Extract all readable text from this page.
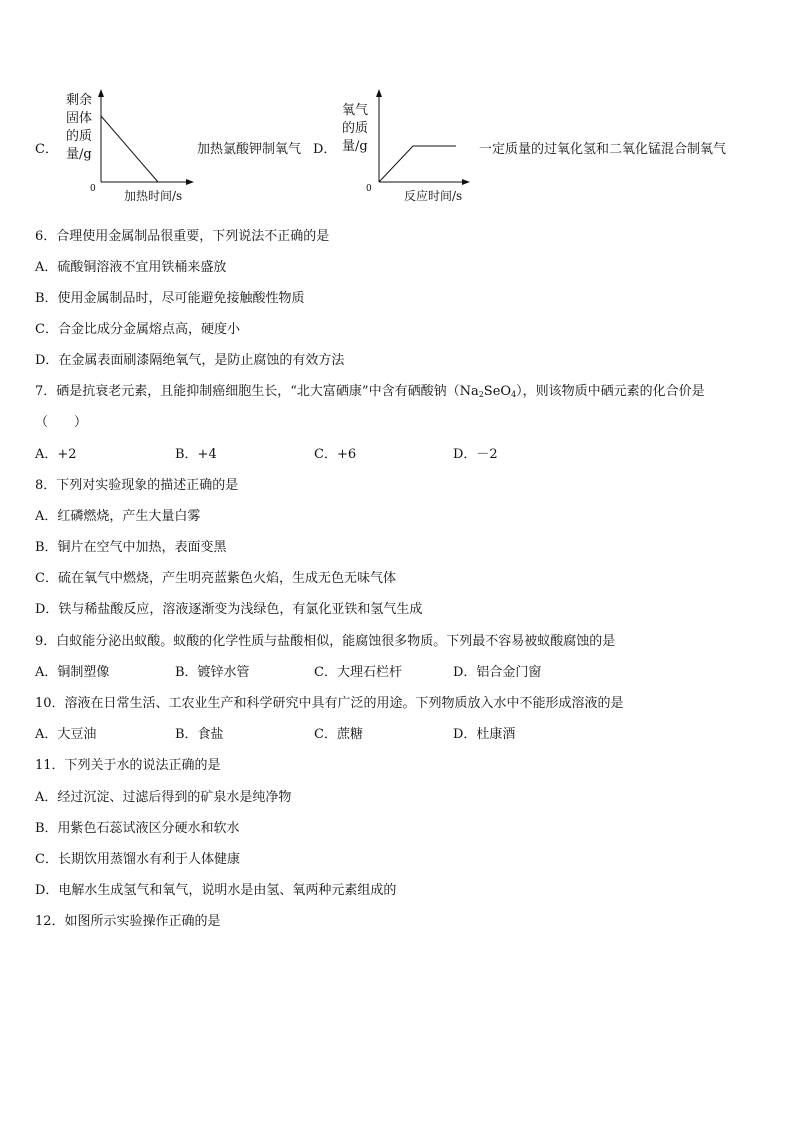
C．
剩余
固体
的质
量/g
0 加热时间/s
加热氯酸钾制氧气 D．
氧气
的质
量/g
0	反应时间/s
一定质量的过氧化氢和二氧化锰混合制氧气
6．合理使用金属制品很重要，下列说法不正确的是
A．硫酸铜溶液不宜用铁桶来盛放
B．使用金属制品时，尽可能避免接触酸性物质
C．合金比成分金属熔点高，硬度小
D．在金属表面刷漆隔绝氧气，是防止腐蚀的有效方法
7．硒是抗衰老元素，且能抑制癌细胞生长，“北大富硒康”中含有硒酸钠$(Na_2SeO_4)$，则该物质中硒元素的化合价是
（　　）
A．+2	B．+4	C．+6	D．－2
8．下列对实验现象的描述正确的是
A．红磷燃烧，产生大量白雾
B．铜片在空气中加热，表面变黑
C．硫在氧气中燃烧，产生明亮蓝紫色火焰，生成无色无味气体
D．铁与稀盐酸反应，溶液逐渐变为浅绿色，有氯化亚铁和氢气生成
9．白蚁能分泌出蚁酸。蚁酸的化学性质与盐酸相似，能腐蚀很多物质。下列最不容易被蚁酸腐蚀的是
A．铜制塑像	B．镀锌水管	C．大理石栏杆	D．铝合金门窗
10．溶液在日常生活、工农业生产和科学研究中具有广泛的用途。下列物质放入水中不能形成溶液的是
A．大豆油	B．食盐	C．蔗糖	D．杜康酒
11．下列关于水的说法正确的是
A．经过沉淀、过滤后得到的矿泉水是纯净物
B．用紫色石蕊试液区分硬水和软水
C．长期饮用蒸馏水有利于人体健康
D．电解水生成氢气和氧气，说明水是由氢、氧两种元素组成的
12．如图所示实验操作正确的是
